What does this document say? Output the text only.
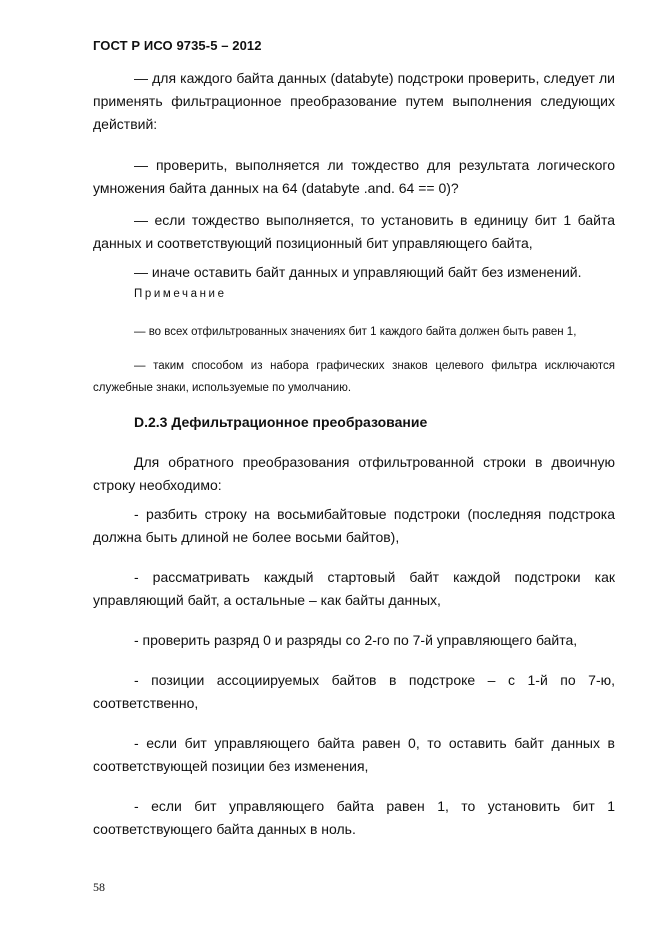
ГОСТ Р ИСО 9735-5 – 2012
— для каждого байта данных (databyte) подстроки проверить, следует ли применять фильтрационное преобразование путем выполнения следующих действий:
— проверить, выполняется ли тождество для результата логического умножения байта данных на 64 (databyte .and. 64 == 0)?
— если тождество выполняется, то установить в единицу бит 1 байта данных и соответствующий позиционный бит управляющего байта,
— иначе оставить байт данных и управляющий байт без изменений.
Примечание
— во всех отфильтрованных значениях бит 1 каждого байта должен быть равен 1,
— таким способом из набора графических знаков целевого фильтра исключаются служебные знаки, используемые по умолчанию.
D.2.3 Дефильтрационное преобразование
Для обратного преобразования отфильтрованной строки в двоичную строку необходимо:
- разбить строку на восьмибайтовые подстроки (последняя подстрока должна быть длиной не более восьми байтов),
- рассматривать каждый стартовый байт каждой подстроки как управляющий байт, а остальные – как байты данных,
- проверить разряд 0 и разряды со 2-го по 7-й управляющего байта,
- позиции ассоциируемых байтов в подстроке – с 1-й по 7-ю, соответственно,
- если бит управляющего байта равен 0, то оставить байт данных в соответствующей позиции без изменения,
- если бит управляющего байта равен 1, то установить бит 1 соответствующего байта данных в ноль.
58
